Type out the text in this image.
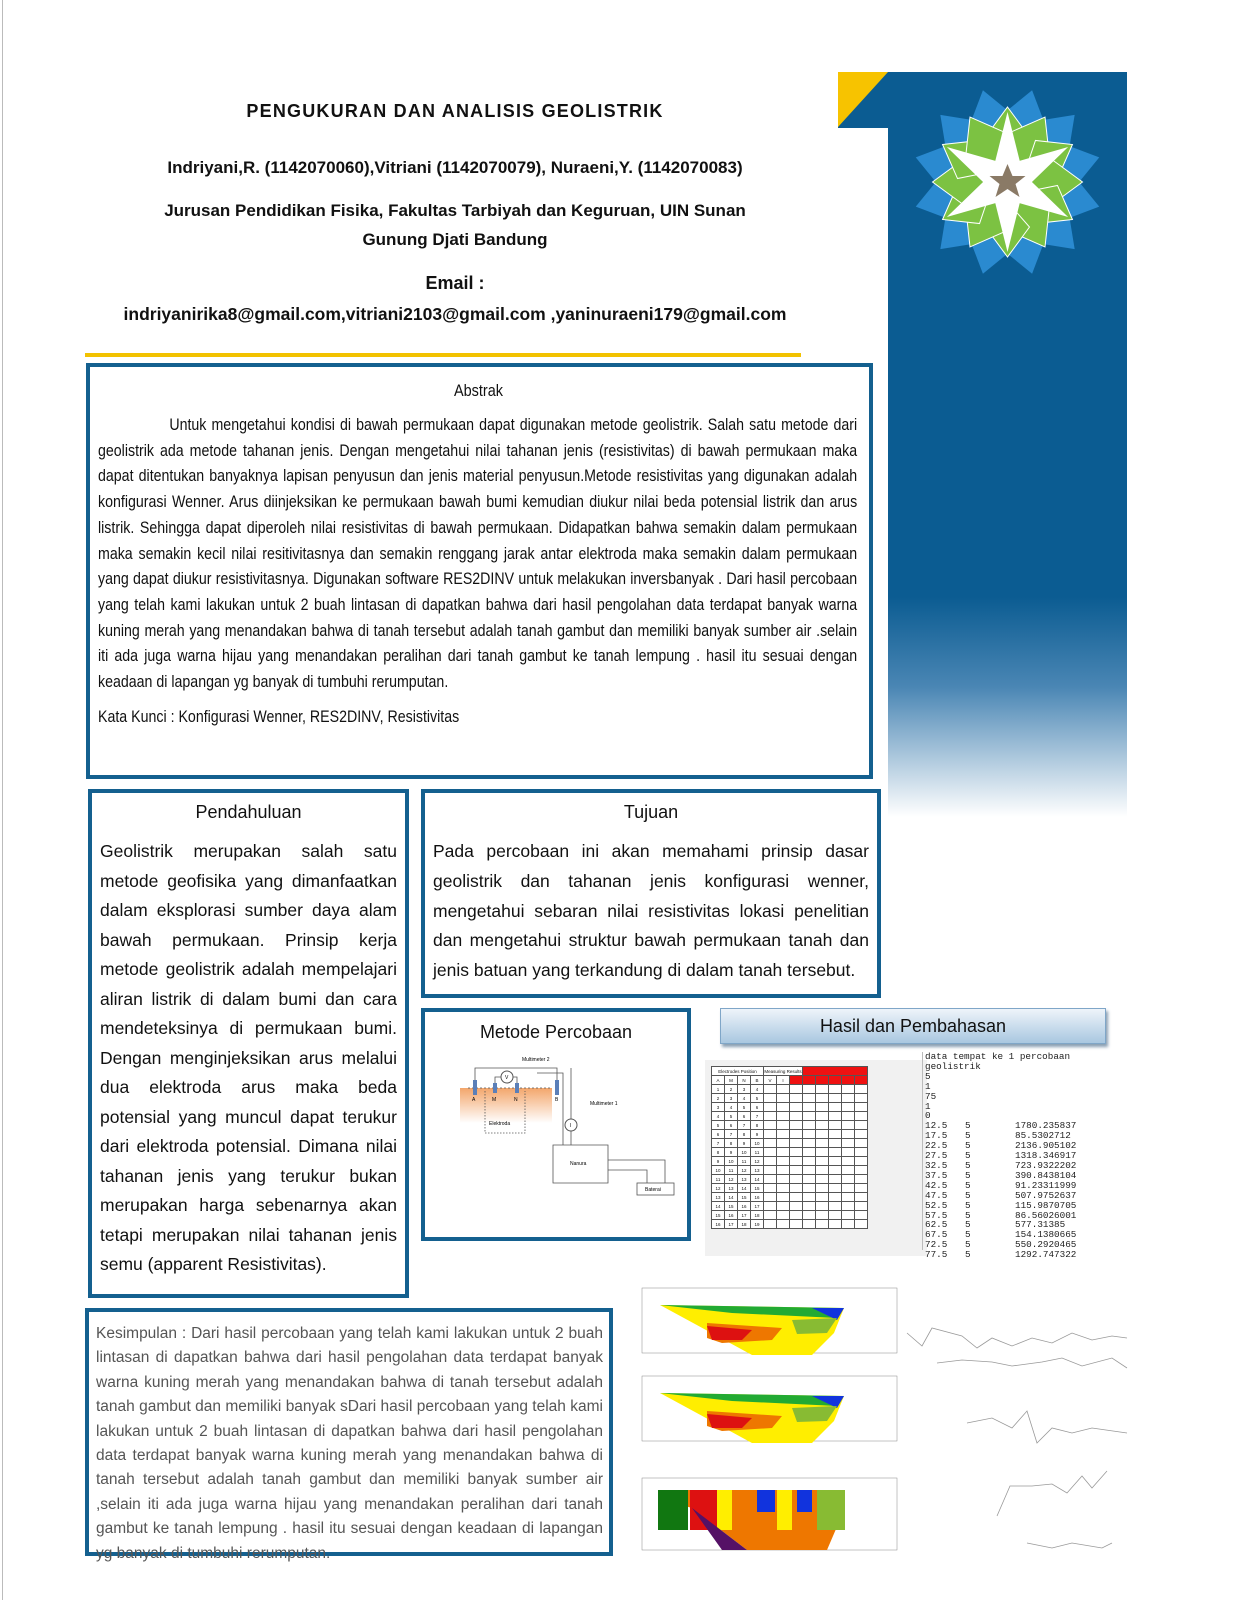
PENGUKURAN DAN ANALISIS GEOLISTRIK
Indriyani,R. (1142070060),Vitriani (1142070079), Nuraeni,Y. (1142070083)
Jurusan Pendidikan Fisika, Fakultas Tarbiyah dan Keguruan, UIN Sunan
Gunung Djati Bandung
Email :
indriyanirika8@gmail.com,vitriani2103@gmail.com ,yaninuraeni179@gmail.com
Abstrak

Untuk mengetahui kondisi di bawah permukaan dapat digunakan metode geolistrik. Salah satu metode dari geolistrik ada metode tahanan jenis. Dengan mengetahui nilai tahanan jenis (resistivitas) di bawah permukaan maka dapat ditentukan banyaknya lapisan penyusun dan jenis material penyusun.Metode resistivitas yang digunakan adalah konfigurasi Wenner. Arus diinjeksikan ke permukaan bawah bumi kemudian diukur nilai beda potensial listrik dan arus listrik. Sehingga dapat diperoleh nilai resistivitas di bawah permukaan. Didapatkan bahwa semakin dalam permukaan maka semakin kecil nilai resitivitasnya dan semakin renggang jarak antar elektroda maka semakin dalam permukaan yang dapat diukur resistivitasnya. Digunakan software RES2DINV untuk melakukan inversbanyak . Dari hasil percobaan yang telah kami lakukan untuk 2 buah lintasan di dapatkan bahwa dari hasil pengolahan data terdapat banyak warna kuning merah yang menandakan bahwa di tanah tersebut adalah tanah gambut dan memiliki banyak sumber air .selain iti ada juga warna hijau yang menandakan peralihan dari tanah gambut ke tanah lempung . hasil itu sesuai dengan keadaan di lapangan yg banyak di tumbuhi rerumputan.

Kata Kunci : Konfigurasi Wenner, RES2DINV, Resistivitas

Pendahuluan

Geolistrik merupakan salah satu metode geofisika yang dimanfaatkan dalam eksplorasi sumber daya alam bawah permukaan. Prinsip kerja metode geolistrik adalah mempelajari aliran listrik di dalam bumi dan cara mendeteksinya di permukaan bumi. Dengan menginjeksikan arus melalui dua elektroda arus maka beda potensial yang muncul dapat terukur dari elektroda potensial. Dimana nilai tahanan jenis yang terukur bukan merupakan harga sebenarnya akan tetapi merupakan nilai tahanan jenis semu (apparent Resistivitas).

Tujuan

Pada percobaan ini akan memahami prinsip dasar geolistrik dan tahanan jenis konfigurasi wenner, mengetahui sebaran nilai resistivitas lokasi penelitian dan mengetahui struktur bawah permukaan tanah dan jenis batuan yang terkandung di dalam tanah tersebut.

Metode Percobaan
V
I
A	M	N	B
Multimeter 2
Multimeter 1
Elektroda
Nanura
Baterai
Hasil dan Pembahasan
Electrodes Position				Measuring Results							
A	M	N	B	V	I						
1	2	3	4								
2	3	4	5								
3	4	5	6								
4	5	6	7								
5	6	7	8								
6	7	8	9								
7	8	9	10								
8	9	10	11								
9	10	11	12								
10	11	12	13								
11	12	13	14								
12	13	14	15								
13	14	15	16								
14	15	16	17								
15	16	17	18								
16	17	18	19								
data tempat ke 1 percobaan geolistrik
5
1
75
1
0
12.5 5	1780.235837
17.5 5	85.5302712
22.5 5	2136.905102
27.5 5	1318.346917
32.5 5	723.9322202
37.5 5	390.8438104
42.5 5	91.23311999
47.5 5	507.9752637
52.5 5	115.9870705
57.5 5	86.56026001
62.5 5	577.31385
67.5 5	154.1380665
72.5 5	550.2920465
77.5 5	1292.747322

Kesimpulan : Dari hasil percobaan yang telah kami lakukan untuk 2 buah lintasan di dapatkan bahwa dari hasil pengolahan data terdapat banyak warna kuning merah yang menandakan bahwa di tanah tersebut adalah tanah gambut dan memiliki banyak sDari hasil percobaan yang telah kami lakukan untuk 2 buah lintasan di dapatkan bahwa dari hasil pengolahan data terdapat banyak warna kuning merah yang menandakan bahwa di tanah tersebut adalah tanah gambut dan memiliki banyak sumber air ,selain iti ada juga warna hijau yang menandakan peralihan dari tanah gambut ke tanah lempung . hasil itu sesuai dengan keadaan di lapangan yg banyak di tumbuhi rerumputan.
